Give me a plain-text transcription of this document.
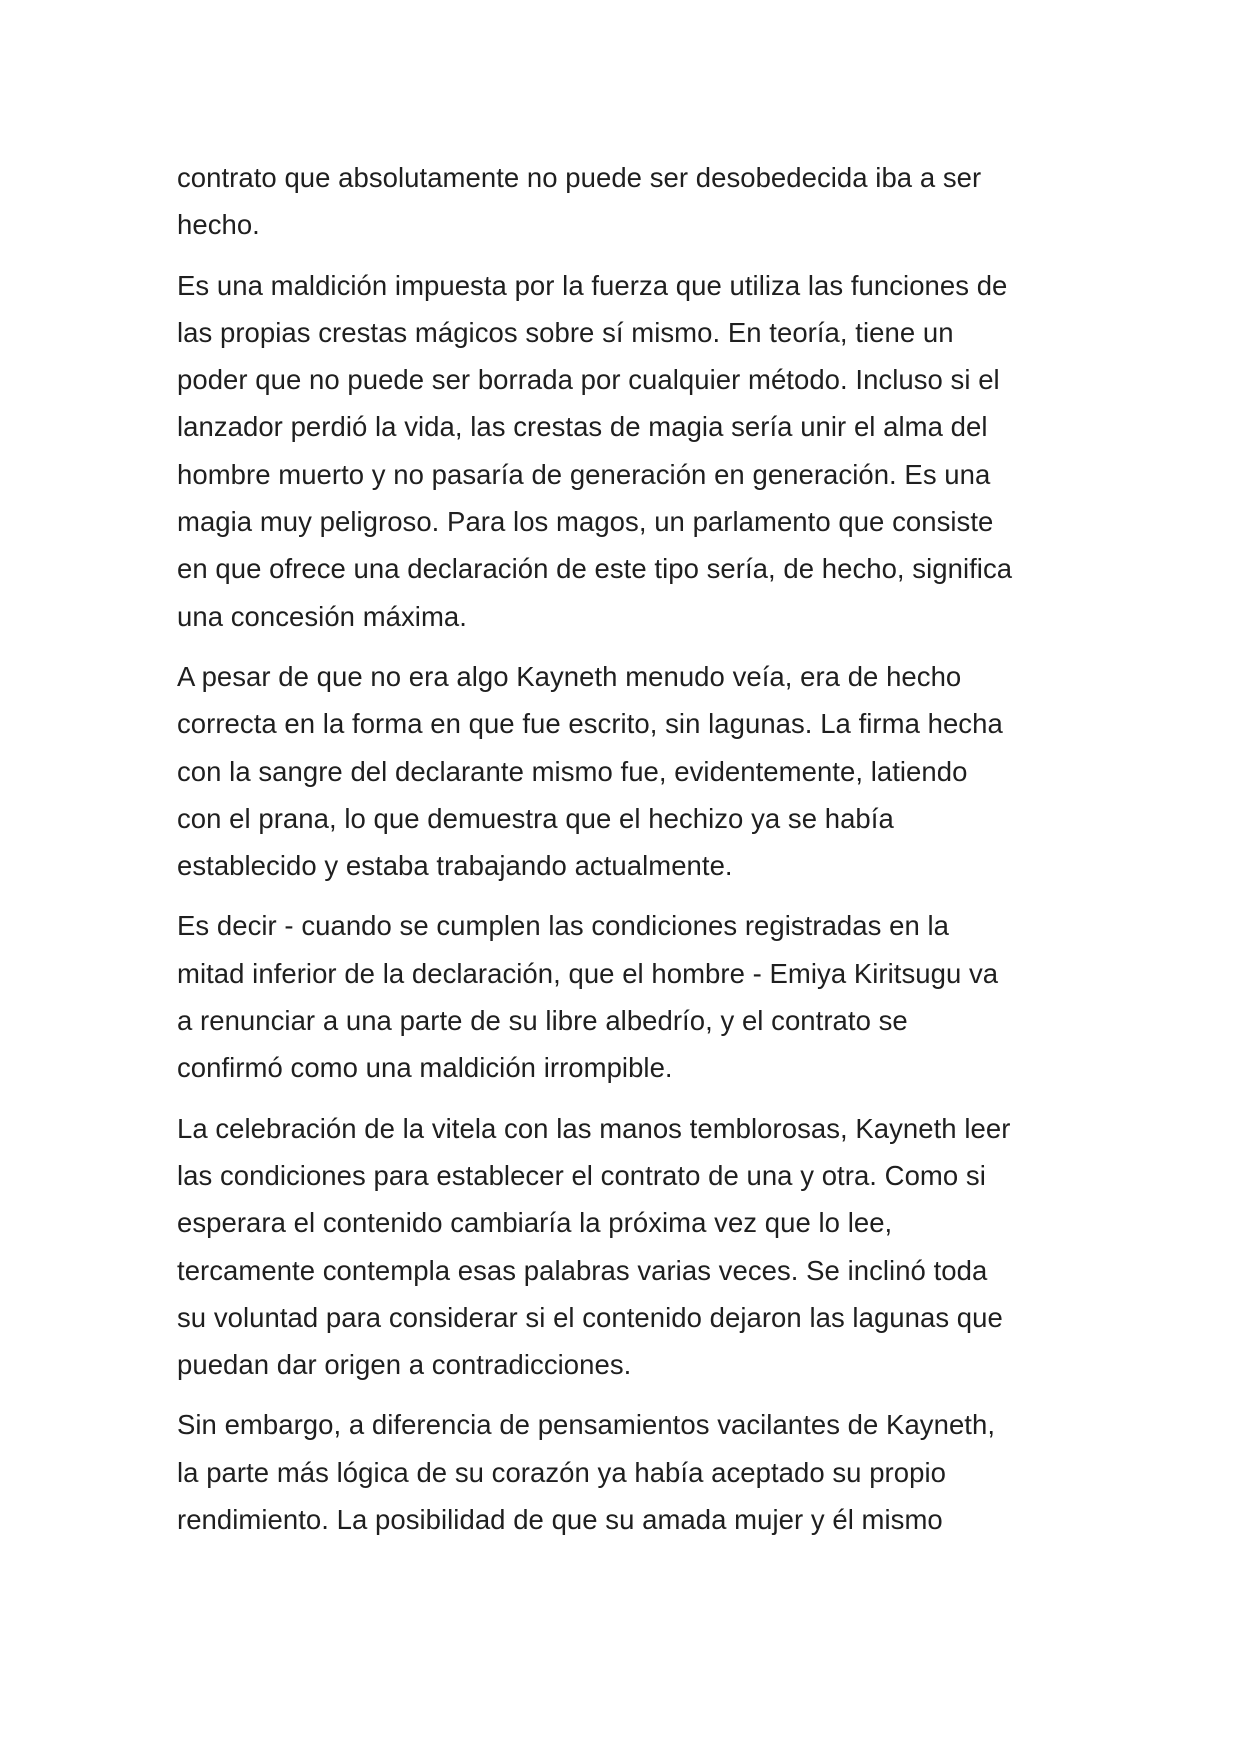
contrato que absolutamente no puede ser desobedecida iba a ser
hecho.

Es una maldición impuesta por la fuerza que utiliza las funciones de
las propias crestas mágicos sobre sí mismo. En teoría, tiene un
poder que no puede ser borrada por cualquier método. Incluso si el
lanzador perdió la vida, las crestas de magia sería unir el alma del
hombre muerto y no pasaría de generación en generación. Es una
magia muy peligroso. Para los magos, un parlamento que consiste
en que ofrece una declaración de este tipo sería, de hecho, significa
una concesión máxima.

A pesar de que no era algo Kayneth menudo veía, era de hecho
correcta en la forma en que fue escrito, sin lagunas. La firma hecha
con la sangre del declarante mismo fue, evidentemente, latiendo
con el prana, lo que demuestra que el hechizo ya se había
establecido y estaba trabajando actualmente.

Es decir - cuando se cumplen las condiciones registradas en la
mitad inferior de la declaración, que el hombre - Emiya Kiritsugu va
a renunciar a una parte de su libre albedrío, y el contrato se
confirmó como una maldición irrompible.

La celebración de la vitela con las manos temblorosas, Kayneth leer
las condiciones para establecer el contrato de una y otra. Como si
esperara el contenido cambiaría la próxima vez que lo lee,
tercamente contempla esas palabras varias veces. Se inclinó toda
su voluntad para considerar si el contenido dejaron las lagunas que
puedan dar origen a contradicciones.

Sin embargo, a diferencia de pensamientos vacilantes de Kayneth,
la parte más lógica de su corazón ya había aceptado su propio
rendimiento. La posibilidad de que su amada mujer y él mismo
